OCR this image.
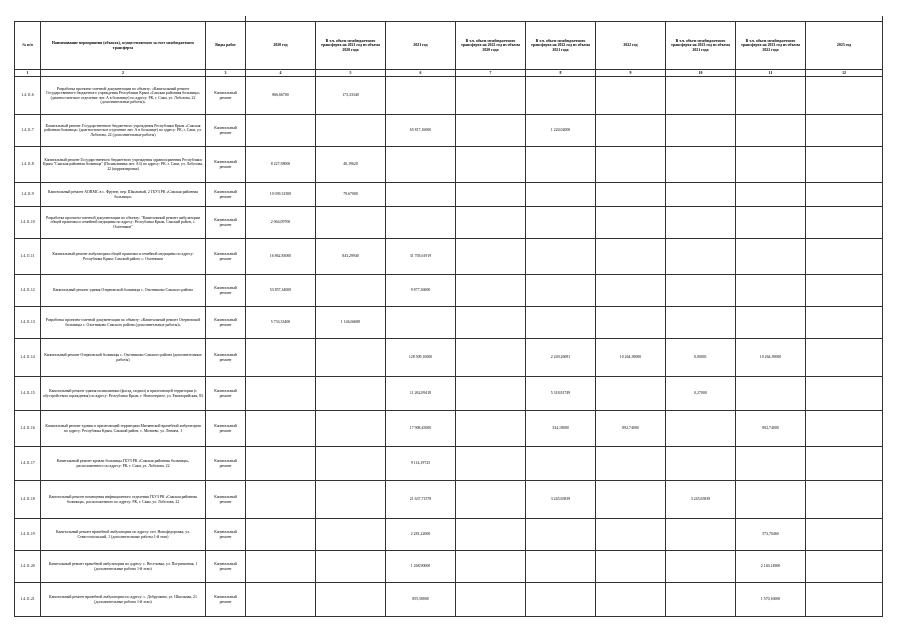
№ п/п	Наименование мероприятия (объекта), осуществляемого за счет межбюджетного трансферта	Виды работ	2020 год	В т.ч. объем межбюджетного трансферта на 2021 год из объема 2020 года	2021 год	В т.ч. объем межбюджетного трансферта на 2022 год из объема 2020 года	В т.ч. объем межбюджетного трансферта на 2022 год из объема 2021 года	2022 год	В т.ч. объем межбюджетного трансферта на 2023 год из объема 2021 года	В т.ч. объем межбюджетного трансферта на 2023 год из объема 2022 года	2023 год
1	2	3	4	5	6	7	8	9	10	11	12
1.4.11.6	Разработка проектно-сметной документации по объекту: «Капитальный ремонт Государственного бюджетного учреждения Республики Крым «Сакская районная больница» (диагностическое отделение лит. А в больнице) по адресу: РК, г. Саки, ул. Лобозова, 22 (дополнительные работы)»	Капитальный ремонт	866,66700	173,33340							
1.4.11.7	Капитальный ремонт Государственного бюджетного учреждения Республики Крым «Сакская районная больница» (диагностическое отделение лит. А в больнице) по адресу: РК, г. Саки, ул. Лобозова, 22 (дополнительные работы)	Капитальный ремонт			65 817,16000		1 220,02000				
1.4.11.8	Капитальный ремонт Государственного бюджетного учреждения здравоохранения Республики Крым "Сакская районная больница" (Поликлиника лит. А3) по адресу: РК, г. Саки, ул. Лобозова, 22 (корректировка)	Капитальный ремонт	8 227,58000	40,19620							
1.4.11.9	Капитальный ремонт АОПМС в с. Фрунзе, пер. Школьный, 2 ГБУЗ РК «Сакская районная больница»	Капитальный ремонт	10 039,31500	79,67000							
1.4.11.10	Разработка проектно-сметной документации по объекту: "Капитальный ремонт амбулатории общей практики и семейной медицины по адресу: Республика Крым, Сакский район, с. Охотников"	Капитальный ремонт	2 064,09700								
1.4.11.11	Капитальный ремонт амбулатории общей практики и семейной медицины по адресу: Республика Крым; Сакский район; с. Охотников	Капитальный ремонт	16 862,83000	843,29940	31 703,61919						
1.4.11.12	Капитальный ремонт здания Озерновской больницы с. Охотниково Сакского района	Капитальный ремонт	53 857,34000		9 877,36000						
1.4.11.13	Разработка проектно-сметной документации по объекту: «Капитальный ремонт Озерновской больницы с. Охотниково Сакского района (дополнительные работы)»	Капитальный ремонт	5 733,33400	1 146,66680							
1.4.11.14	Капитальный ремонт Озерновской больницы с. Охотниково Сакского района (дополнительные работы)	Капитальный ремонт			128 509,10000		2 249,26081	10 264,39000	0,00001	10 264,39000	
1.4.11.15	Капитальный ремонт здания поликлиники (фасад, подвал) и прилегающей территории (с обустройством ограждения) по адресу: Республика Крым, г. Новоозерное, ул. Евпаторийская, 83	Капитальный ремонт			11 262,09418		5 318,81749		0,27000		
1.4.11.16	Капитальный ремонт здания и прилегающей территории Митяевской врачебной амбулатории по адресу: Республика Крым, Сакский район, с. Митяево, ул. Ленина, 1	Капитальный ремонт			17 908,45000		334,18000	892,74000		892,74000	
1.4.11.17	Капитальный ремонт кровли больницы ГБУЗ РК «Сакская районная больница», расположенного по адресу: РК, г. Саки, ул. Лобозова, 22	Капитальный ремонт			9 114,19725						
1.4.11.18	Капитальный ремонт помещения инфекционного отделения ГБУЗ РК «Сакская районная больница», расположенного по адресу: РК, г. Саки, ул. Лобозова, 22	Капитальный ремонт			21 637,71578		3 245,65839		3 245,65839		
1.4.11.19	Капитальный ремонт врачебной амбулатории по адресу: пгт. Новофедоровка, ул. Севастопольский, 1 (дополнительные работы 1-й этап)	Капитальный ремонт			2 281,22000					573,70460	
1.4.11.20	Капитальный ремонт врачебной амбулатории по адресу: с. Веселовка, ул. Пограничная, 1 (дополнительные работы 1-й этап)	Капитальный ремонт			1 268,90000					2 140,14900	
1.4.11.21	Капитальный ремонт врачебной амбулатории по адресу: с. Добрушино, ул. Школьная, 21 (дополнительные работы 1-й этап)	Капитальный ремонт			855,58000					1 570,16000	
